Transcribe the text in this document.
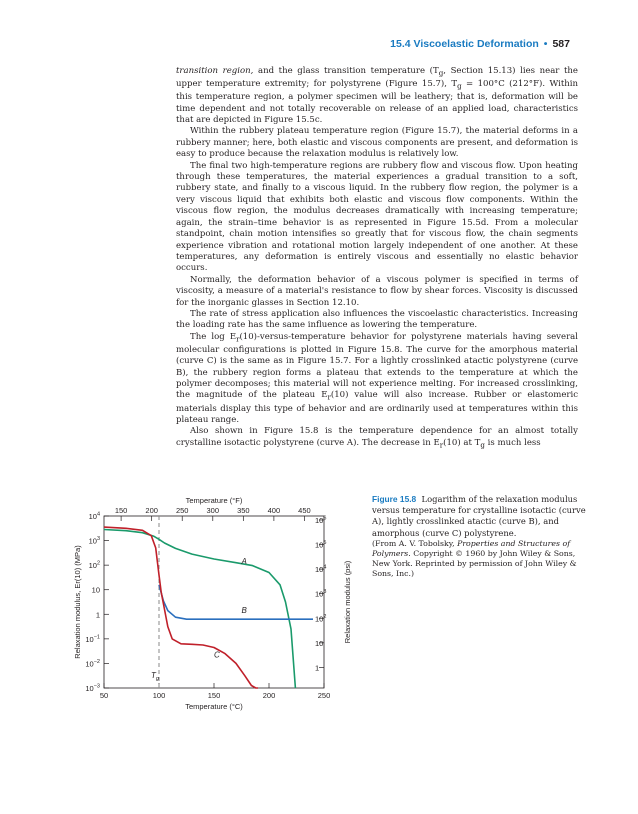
15.4 Viscoelastic Deformation • 587

transition region, and the glass transition temperature ($T_g$, Section 15.13) lies near the upper temperature extremity; for polystyrene (Figure 15.7), $T_g = 100^\circ C$ (212°F). Within this temperature region, a polymer specimen will be leathery; that is, deformation will be time dependent and not totally recoverable on release of an applied load, characteristics that are depicted in Figure 15.5c.

Within the rubbery plateau temperature region (Figure 15.7), the material deforms in a rubbery manner; here, both elastic and viscous components are present, and deformation is easy to produce because the relaxation modulus is relatively low.

The final two high-temperature regions are rubbery flow and viscous flow. Upon heating through these temperatures, the material experiences a gradual transition to a soft, rubbery state, and finally to a viscous liquid. In the rubbery flow region, the polymer is a very viscous liquid that exhibits both elastic and viscous flow components. Within the viscous flow region, the modulus decreases dramatically with increasing temperature; again, the strain–time behavior is as represented in Figure 15.5d. From a molecular standpoint, chain motion intensifies so greatly that for viscous flow, the chain segments experience vibration and rotational motion largely independent of one another. At these temperatures, any deformation is entirely viscous and essentially no elastic behavior occurs.

Normally, the deformation behavior of a viscous polymer is specified in terms of viscosity, a measure of a material's resistance to flow by shear forces. Viscosity is discussed for the inorganic glasses in Section 12.10.

The rate of stress application also influences the viscoelastic characteristics. Increasing the loading rate has the same influence as lowering the temperature.

The $\log E_r(10)-versus$-temperature behavior for polystyrene materials having several molecular configurations is plotted in Figure 15.8. The curve for the amorphous material (curve C) is the same as in Figure 15.7. For a lightly crosslinked atactic polystyrene (curve B), the rubbery region forms a plateau that extends to the temperature at which the polymer decomposes; this material will not experience melting. For increased crosslinking, the magnitude of the plateau $E_r(10)$ value will also increase. Rubber or elastomeric materials display this type of behavior and are ordinarily used at temperatures within this plateau range.

Also shown in Figure 15.8 is the temperature dependence for an almost totally crystalline isotactic polystyrene (curve A). The decrease in $E_r(10)$ at $T_g$ is much less

50	100	150	200	250
150 200 250 300 350 400 450
$10^{-3}$
$10^{-2}$
$10^{-1}$
1
10
$10^2$
$10^3$
$10^4$
1
10
$10^2$
$10^3$
$10^4$
$10^5$
$10^6$
$T_g$
A
B
C
Temperature (°C)
Temperature (°F)
Relaxation modulus, Er(10) (MPa)	Relaxation modulus (psi)
Figure 15.8 Logarithm of the relaxation modulus versus temperature for crystalline isotactic (curve A), lightly crosslinked atactic (curve B), and amorphous (curve C) polystyrene.
(From A. V. Tobolsky, Properties and Structures of Polymers. Copyright © 1960 by John Wiley & Sons, New York. Reprinted by permission of John Wiley & Sons, Inc.)
